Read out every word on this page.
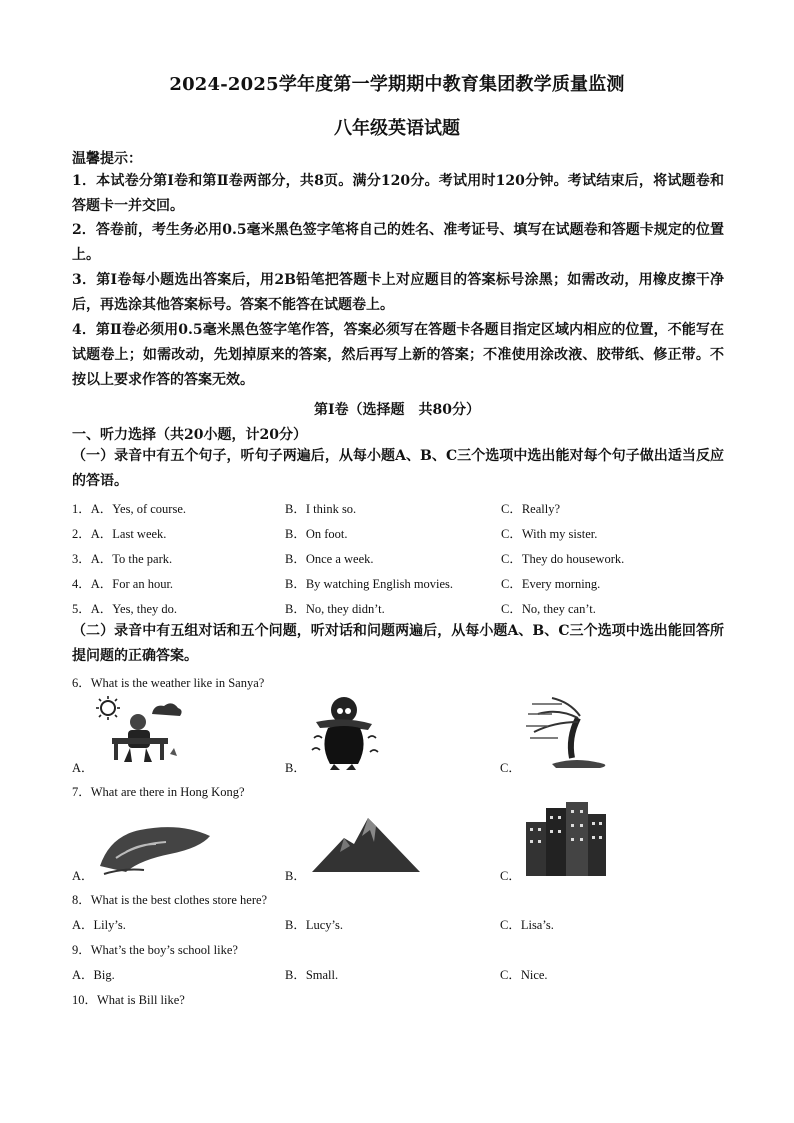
2024-2025学年度第一学期期中教育集团教学质量监测
八年级英语试题
温馨提示：
1．本试卷分第Ⅰ卷和第Ⅱ卷两部分，共8页。满分120分。考试用时120分钟。考试结束后，将试题卷和答题卡一并交回。
2．答卷前，考生务必用0.5毫米黑色签字笔将自己的姓名、准考证号、填写在试题卷和答题卡规定的位置上。
3．第Ⅰ卷每小题选出答案后，用2B铅笔把答题卡上对应题目的答案标号涂黑；如需改动，用橡皮擦干净后，再选涂其他答案标号。答案不能答在试题卷上。
4．第Ⅱ卷必须用0.5毫米黑色签字笔作答，答案必须写在答题卡各题目指定区域内相应的位置，不能写在试题卷上；如需改动，先划掉原来的答案，然后再写上新的答案；不准使用涂改液、胶带纸、修正带。不按以上要求作答的答案无效。
第Ⅰ卷（选择题　共80分）
一、听力选择（共20小题，计20分）
（一）录音中有五个句子，听句子两遍后，从每小题A、B、C三个选项中选出能对每个句子做出适当反应的答语。
1．A．Yes, of course.	B．I think so.	C．Really?
2．A．Last week.	B．On foot.	C．With my sister.
3．A．To the park.	B．Once a week.	C．They do housework.
4．A．For an hour.	B．By watching English movies.	C．Every morning.
5．A．Yes, they do.	B．No, they didn’t.	C．No, they can’t.
（二）录音中有五组对话和五个问题，听对话和问题两遍后，从每小题A、B、C三个选项中选出能回答所提问题的正确答案。
6．What is the weather like in Sanya?
A．	B．	C．
7．What are there in Hong Kong?
A．	B．	C．
8．What is the best clothes store here?
A．Lily’s.	B．Lucy’s.	C．Lisa’s.
9．What’s the boy’s school like?
A．Big.	B．Small.	C．Nice.
10．What is Bill like?
